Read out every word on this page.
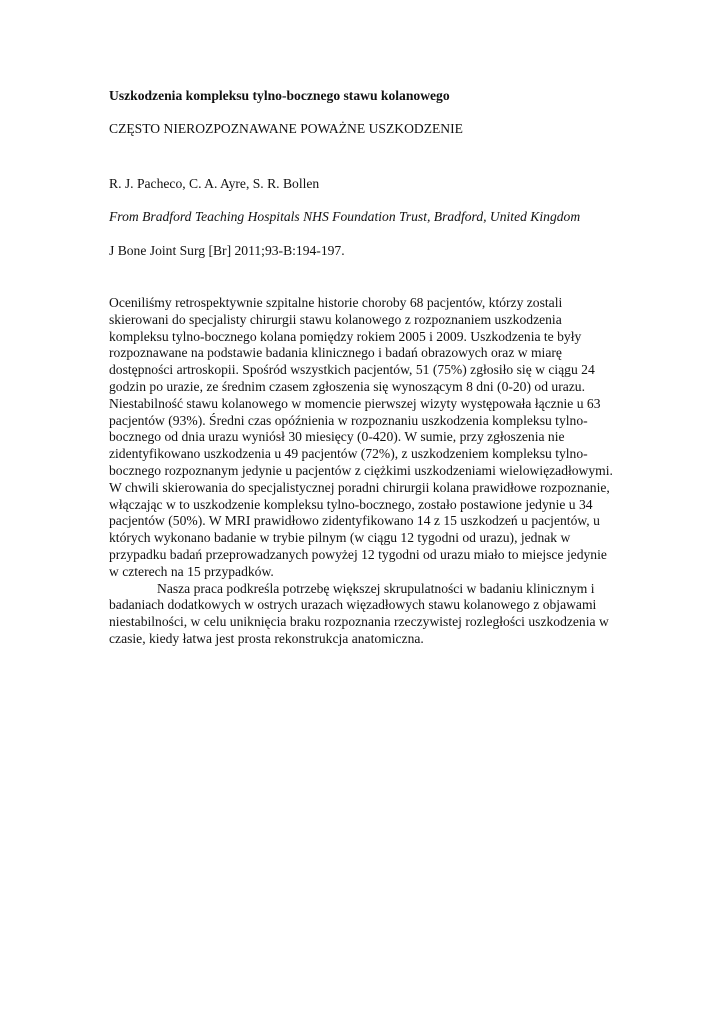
Uszkodzenia kompleksu tylno-bocznego stawu kolanowego

CZĘSTO NIEROZPOZNAWANE POWAŻNE USZKODZENIE

R. J. Pacheco, C. A. Ayre, S. R. Bollen

From Bradford Teaching Hospitals NHS Foundation Trust, Bradford, United Kingdom

J Bone Joint Surg [Br] 2011;93-B:194-197.

Oceniliśmy retrospektywnie szpitalne historie choroby 68 pacjentów, którzy zostali skierowani do specjalisty chirurgii stawu kolanowego z rozpoznaniem uszkodzenia kompleksu tylno-bocznego kolana pomiędzy rokiem 2005 i 2009. Uszkodzenia te były rozpoznawane na podstawie badania klinicznego i badań obrazowych oraz w miarę dostępności artroskopii. Spośród wszystkich pacjentów, 51 (75%) zgłosiło się w ciągu 24 godzin po urazie, ze średnim czasem zgłoszenia się wynoszącym 8 dni (0-20) od urazu. Niestabilność stawu kolanowego w momencie pierwszej wizyty występowała łącznie u 63 pacjentów (93%). Średni czas opóźnienia w rozpoznaniu uszkodzenia kompleksu tylno-bocznego od dnia urazu wyniósł 30 miesięcy (0-420). W sumie, przy zgłoszenia nie zidentyfikowano uszkodzenia u 49 pacjentów (72%), z uszkodzeniem kompleksu tylno-bocznego rozpoznanym jedynie u pacjentów z ciężkimi uszkodzeniami wielowięzadłowymi. W chwili skierowania do specjalistycznej poradni chirurgii kolana prawidłowe rozpoznanie, włączając w to uszkodzenie kompleksu tylno-bocznego, zostało postawione jedynie u 34 pacjentów (50%). W MRI prawidłowo zidentyfikowano 14 z 15 uszkodzeń u pacjentów, u których wykonano badanie w trybie pilnym (w ciągu 12 tygodni od urazu), jednak w przypadku badań przeprowadzanych powyżej 12 tygodni od urazu miało to miejsce jedynie w czterech na 15 przypadków.

Nasza praca podkreśla potrzebę większej skrupulatności w badaniu klinicznym i badaniach dodatkowych w ostrych urazach więzadłowych stawu kolanowego z objawami niestabilności, w celu uniknięcia braku rozpoznania rzeczywistej rozległości uszkodzenia w czasie, kiedy łatwa jest prosta rekonstrukcja anatomiczna.
